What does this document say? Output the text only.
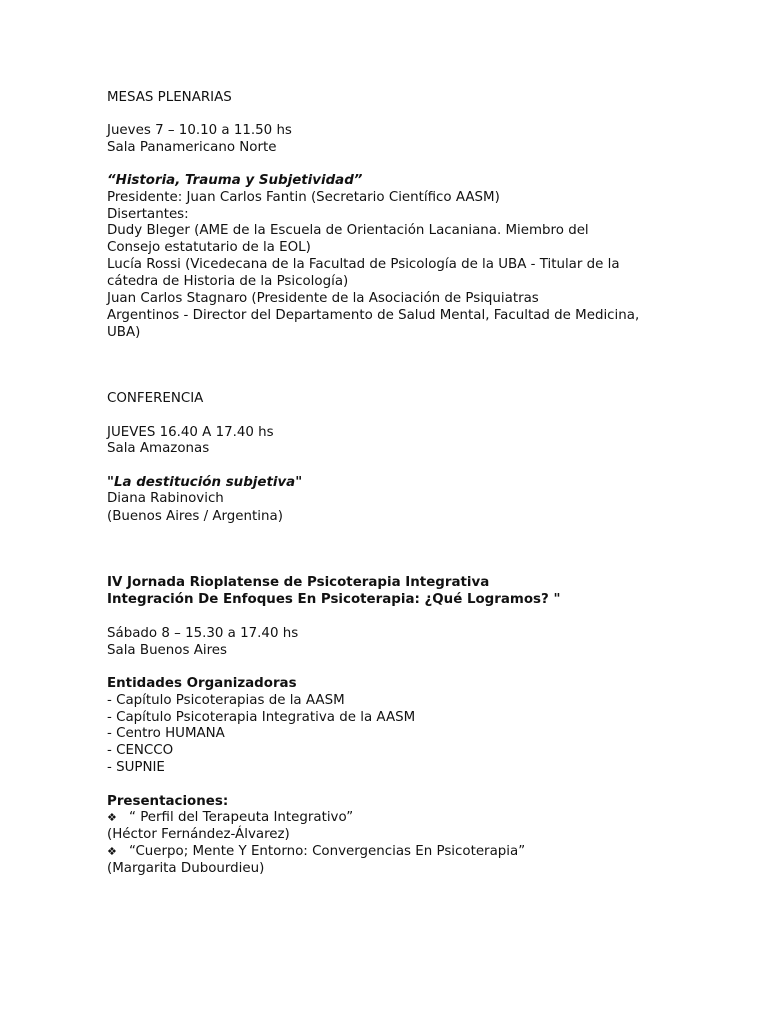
MESAS PLENARIAS
Jueves 7 – 10.10 a 11.50 hs
Sala Panamericano Norte
“Historia, Trauma y Subjetividad”
Presidente: Juan Carlos Fantin (Secretario Científico AASM)
Disertantes:
Dudy Bleger (AME de la Escuela de Orientación Lacaniana. Miembro del
Consejo estatutario de la EOL)
Lucía Rossi (Vicedecana de la Facultad de Psicología de la UBA - Titular de la
cátedra de Historia de la Psicología)
Juan Carlos Stagnaro (Presidente de la Asociación de Psiquiatras
Argentinos - Director del Departamento de Salud Mental, Facultad de Medicina,
UBA)
CONFERENCIA
JUEVES 16.40 A 17.40 hs
Sala Amazonas
"La destitución subjetiva"
Diana Rabinovich
(Buenos Aires / Argentina)
IV Jornada Rioplatense de Psicoterapia Integrativa
Integración De Enfoques En Psicoterapia: ¿Qué Logramos? "
Sábado 8 – 15.30 a 17.40 hs
Sala Buenos Aires
Entidades Organizadoras
- Capítulo Psicoterapias de la AASM
- Capítulo Psicoterapia Integrativa de la AASM
- Centro HUMANA
- CENCCO
- SUPNIE
Presentaciones:
❖ “ Perfil del Terapeuta Integrativo”
(Héctor Fernández-Álvarez)
❖ “Cuerpo; Mente Y Entorno: Convergencias En Psicoterapia”
(Margarita Dubourdieu)
